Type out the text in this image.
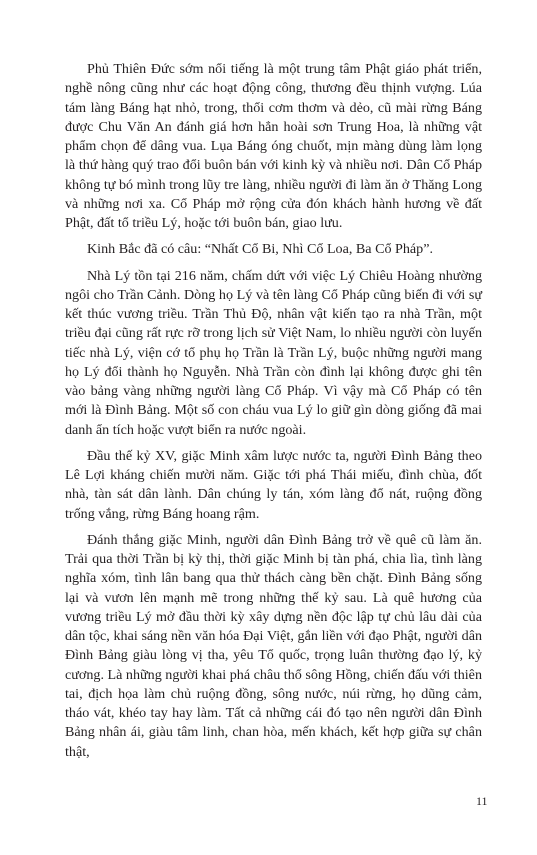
Phủ Thiên Đức sớm nổi tiếng là một trung tâm Phật giáo phát triển, nghề nông cũng như các hoạt động công, thương đều thịnh vượng. Lúa tám làng Báng hạt nhỏ, trong, thổi cơm thơm và dẻo, cũ mài rừng Báng được Chu Văn An đánh giá hơn hẳn hoài sơn Trung Hoa, là những vật phẩm chọn để dâng vua. Lụa Báng óng chuốt, mịn màng dùng làm lọng là thứ hàng quý trao đổi buôn bán với kinh kỳ và nhiều nơi. Dân Cổ Pháp không tự bó mình trong lũy tre làng, nhiều người đi làm ăn ở Thăng Long và những nơi xa. Cổ Pháp mở rộng cửa đón khách hành hương về đất Phật, đất tổ triều Lý, hoặc tới buôn bán, giao lưu.

Kinh Bắc đã có câu: “Nhất Cổ Bi, Nhì Cổ Loa, Ba Cổ Pháp”.

Nhà Lý tồn tại 216 năm, chấm dứt với việc Lý Chiêu Hoàng nhường ngôi cho Trần Cảnh. Dòng họ Lý và tên làng Cổ Pháp cũng biến đi với sự kết thúc vương triều. Trần Thủ Độ, nhân vật kiến tạo ra nhà Trần, một triều đại cũng rất rực rỡ trong lịch sử Việt Nam, lo nhiều người còn luyến tiếc nhà Lý, viện cớ tổ phụ họ Trần là Trần Lý, buộc những người mang họ Lý đổi thành họ Nguyễn. Nhà Trần còn đình lại không được ghi tên vào bảng vàng những người làng Cổ Pháp. Vì vậy mà Cổ Pháp có tên mới là Đình Bảng. Một số con cháu vua Lý lo giữ gìn dòng giống đã mai danh ẩn tích hoặc vượt biển ra nước ngoài.

Đầu thế kỷ XV, giặc Minh xâm lược nước ta, người Đình Bảng theo Lê Lợi kháng chiến mười năm. Giặc tới phá Thái miếu, đình chùa, đốt nhà, tàn sát dân lành. Dân chúng ly tán, xóm làng đổ nát, ruộng đồng trống vắng, rừng Báng hoang rậm.

Đánh thắng giặc Minh, người dân Đình Bảng trở về quê cũ làm ăn. Trải qua thời Trần bị kỳ thị, thời giặc Minh bị tàn phá, chia lìa, tình làng nghĩa xóm, tình lân bang qua thử thách càng bền chặt. Đình Bảng sống lại và vươn lên mạnh mẽ trong những thế kỷ sau. Là quê hương của vương triều Lý mở đầu thời kỳ xây dựng nền độc lập tự chủ lâu dài của dân tộc, khai sáng nền văn hóa Đại Việt, gắn liền với đạo Phật, người dân Đình Bảng giàu lòng vị tha, yêu Tổ quốc, trọng luân thường đạo lý, kỷ cương. Là những người khai phá châu thổ sông Hồng, chiến đấu với thiên tai, địch họa làm chủ ruộng đồng, sông nước, núi rừng, họ dũng cảm, tháo vát, khéo tay hay làm. Tất cả những cái đó tạo nên người dân Đình Bảng nhân ái, giàu tâm linh, chan hòa, mến khách, kết hợp giữa sự chân thật,

11
